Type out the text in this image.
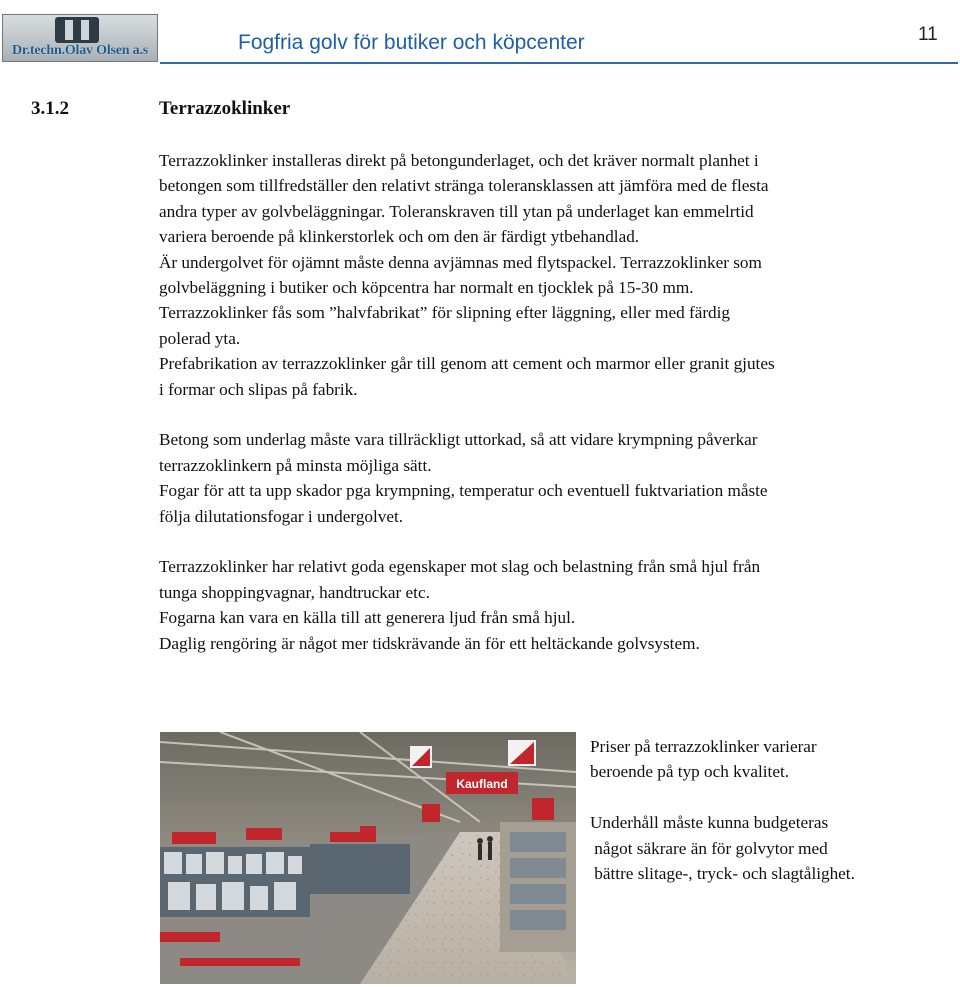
Dr.techn.Olav Olsen a.s	Fogfria golv för butiker och köpcenter	11
3.1.2	Terrazzoklinker
Terrazzoklinker installeras direkt på betongunderlaget, och det kräver normalt planhet i
betongen som tillfredställer den relativt stränga toleransklassen att jämföra med de flesta
andra typer av golvbeläggningar. Toleranskraven till ytan på underlaget kan emmelrtid
variera beroende på klinkerstorlek och om den är färdigt ytbehandlad.
Är undergolvet för ojämnt måste denna avjämnas med flytspackel. Terrazzoklinker som
golvbeläggning i butiker och köpcentra har normalt en tjocklek på 15-30 mm.
Terrazzoklinker fås som ”halvfabrikat” för slipning efter läggning, eller med färdig
polerad yta.
Prefabrikation av terrazzoklinker går till genom att cement och marmor eller granit gjutes
i formar och slipas på fabrik.
Betong som underlag måste vara tillräckligt uttorkad, så att vidare krympning påverkar
terrazzoklinkern på minsta möjliga sätt.
Fogar för att ta upp skador pga krympning, temperatur och eventuell fuktvariation måste
följa dilutationsfogar i undergolvet.
Terrazzoklinker har relativt goda egenskaper mot slag och belastning från små hjul från
tunga shoppingvagnar, handtruckar etc.
Fogarna kan vara en källa till att generera ljud från små hjul.
Daglig rengöring är något mer tidskrävande än för ett heltäckande golvsystem.
Kaufland
Priser på terrazzoklinker varierar
beroende på typ och kvalitet.
Underhåll måste kunna budgeteras
något säkrare än för golvytor med
bättre slitage-, tryck- och slagtålighet.
